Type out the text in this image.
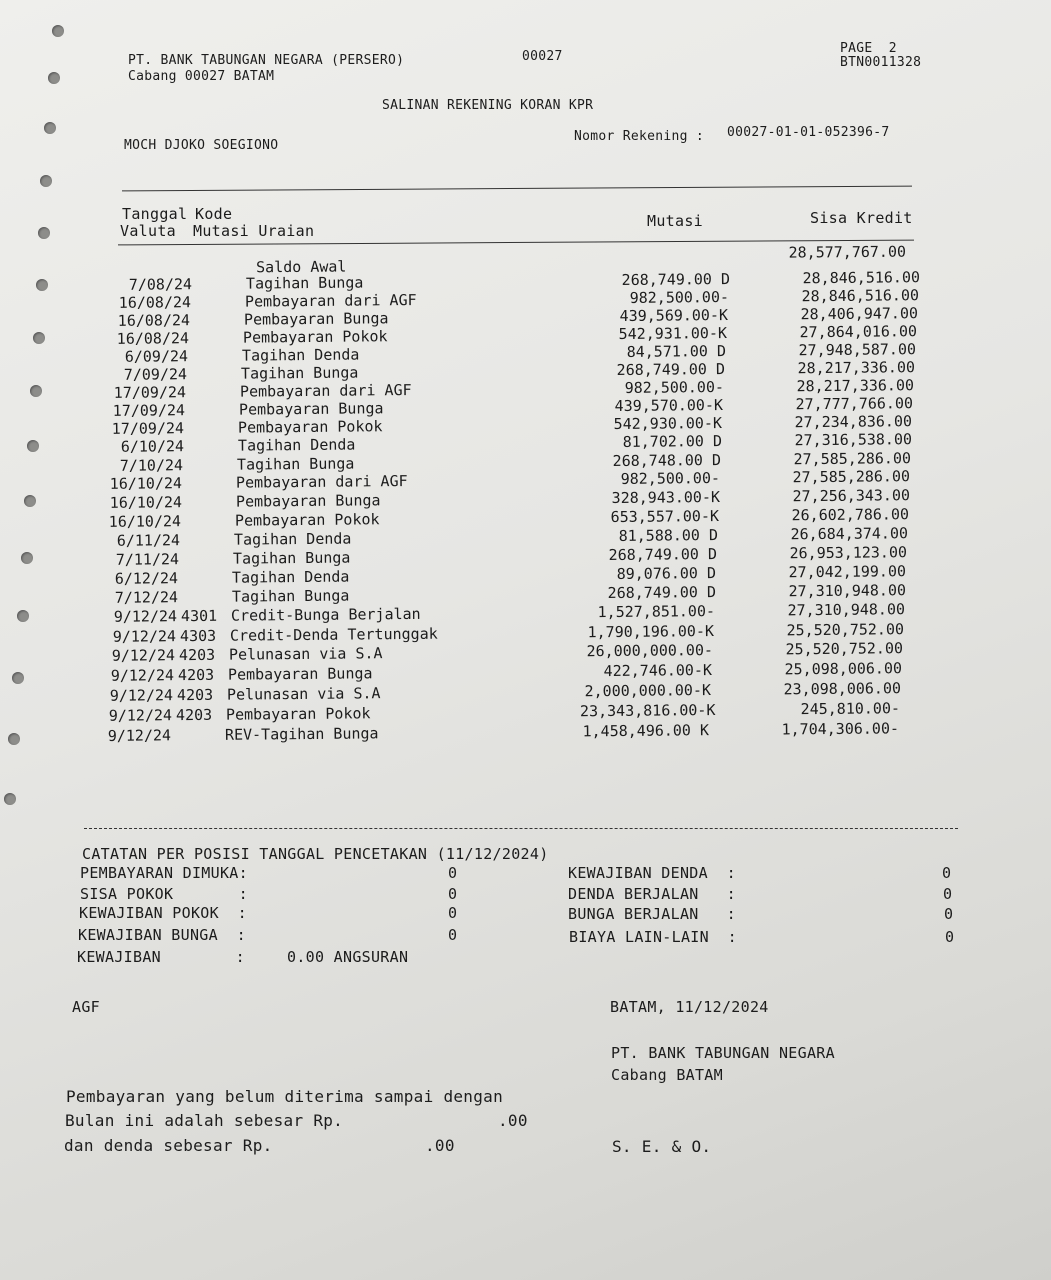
PT. BANK TABUNGAN NEGARA (PERSERO)
Cabang 00027 BATAM
00027
PAGE  2
BTN0011328
SALINAN REKENING KORAN KPR
MOCH DJOKO SOEGIONO
Nomor Rekening : 00027-01-01-052396-7
Tanggal Kode
Valuta Mutasi Uraian
Mutasi	Sisa Kredit
Saldo Awal
28,577,767.00
7/08/24	Tagihan Bunga	268,749.00 D	28,846,516.00
16/08/24	Pembayaran dari AGF	982,500.00-	28,846,516.00
16/08/24	Pembayaran Bunga	439,569.00-K	28,406,947.00
16/08/24	Pembayaran Pokok	542,931.00-K	27,864,016.00
6/09/24	Tagihan Denda	84,571.00 D	27,948,587.00
7/09/24	Tagihan Bunga	268,749.00 D	28,217,336.00
17/09/24	Pembayaran dari AGF	982,500.00-	28,217,336.00
17/09/24	Pembayaran Bunga	439,570.00-K	27,777,766.00
17/09/24	Pembayaran Pokok	542,930.00-K	27,234,836.00
6/10/24	Tagihan Denda	81,702.00 D	27,316,538.00
7/10/24	Tagihan Bunga	268,748.00 D	27,585,286.00
16/10/24	Pembayaran dari AGF	982,500.00-	27,585,286.00
16/10/24	Pembayaran Bunga	328,943.00-K	27,256,343.00
16/10/24	Pembayaran Pokok	653,557.00-K	26,602,786.00
6/11/24	Tagihan Denda	81,588.00 D	26,684,374.00
7/11/24	Tagihan Bunga	268,749.00 D	26,953,123.00
6/12/24	Tagihan Denda	89,076.00 D	27,042,199.00
7/12/24	Tagihan Bunga	268,749.00 D	27,310,948.00
9/12/24 4301 Credit-Bunga Berjalan	1,527,851.00-	27,310,948.00
9/12/24 4303 Credit-Denda Tertunggak	1,790,196.00-K	25,520,752.00
9/12/24 4203 Pelunasan via S.A	26,000,000.00-	25,520,752.00
9/12/24 4203 Pembayaran Bunga	422,746.00-K	25,098,006.00
9/12/24 4203 Pelunasan via S.A	2,000,000.00-K	23,098,006.00
9/12/24 4203 Pembayaran Pokok	23,343,816.00-K	245,810.00-
9/12/24	REV-Tagihan Bunga	1,458,496.00 K	1,704,306.00-
CATATAN PER POSISI TANGGAL PENCETAKAN (11/12/2024)
PEMBAYARAN DIMUKA:	0
SISA POKOK       :	0
KEWAJIBAN POKOK  :	0
KEWAJIBAN BUNGA  :	0
KEWAJIBAN DENDA  :	0
DENDA BERJALAN   :	0
BUNGA BERJALAN   :	0
BIAYA LAIN-LAIN  :	0
KEWAJIBAN        :	0.00 ANGSURAN
AGF	BATAM, 11/12/2024
PT. BANK TABUNGAN NEGARA
Cabang BATAM
Pembayaran yang belum diterima sampai dengan
Bulan ini adalah sebesar Rp.	.00
dan denda sebesar Rp.	.00	S. E. & O.
